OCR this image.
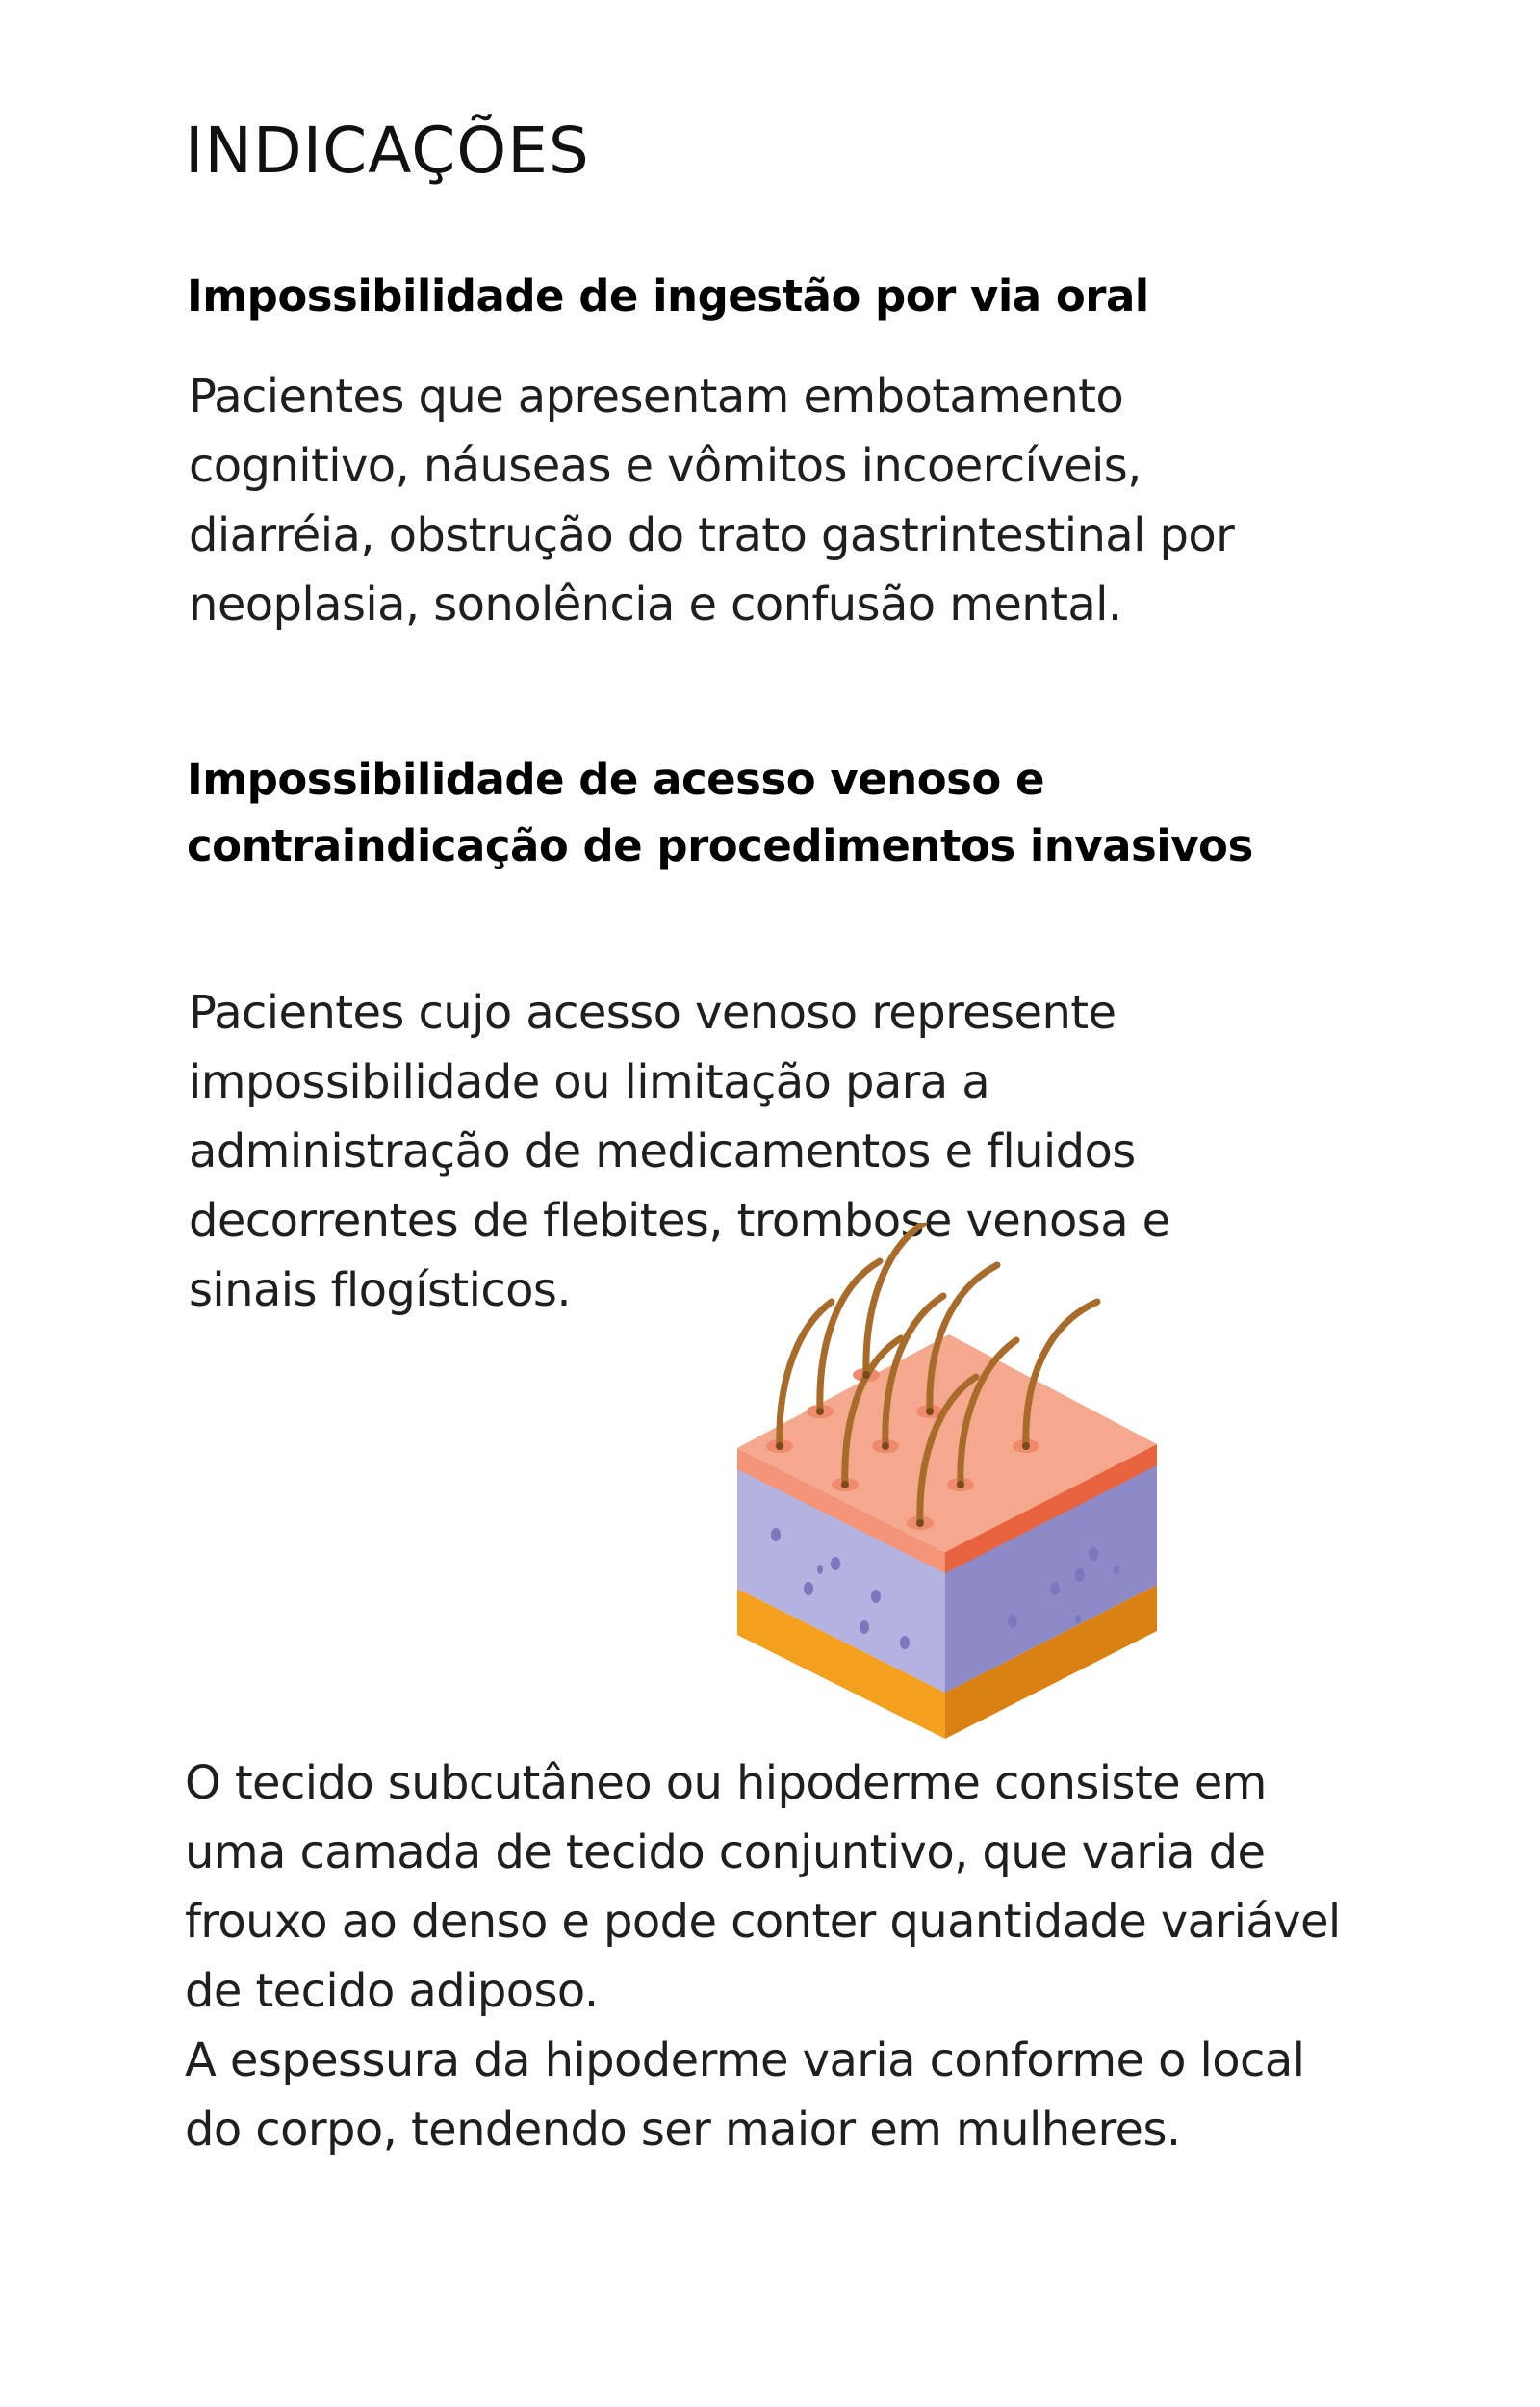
INDICAÇÕES
Impossibilidade de ingestão por via oral
Pacientes que apresentam embotamento
cognitivo, náuseas e vômitos incoercíveis,
diarréia, obstrução do trato gastrintestinal por
neoplasia, sonolência e confusão mental.
Impossibilidade de acesso venoso e
contraindicação de procedimentos invasivos
Pacientes cujo acesso venoso represente
impossibilidade ou limitação para a
administração de medicamentos e fluidos
decorrentes de flebites, trombose venosa e
sinais flogísticos.
O tecido subcutâneo ou hipoderme consiste em
uma camada de tecido conjuntivo, que varia de
frouxo ao denso e pode conter quantidade variável
de tecido adiposo.
A espessura da hipoderme varia conforme o local
do corpo, tendendo ser maior em mulheres.
